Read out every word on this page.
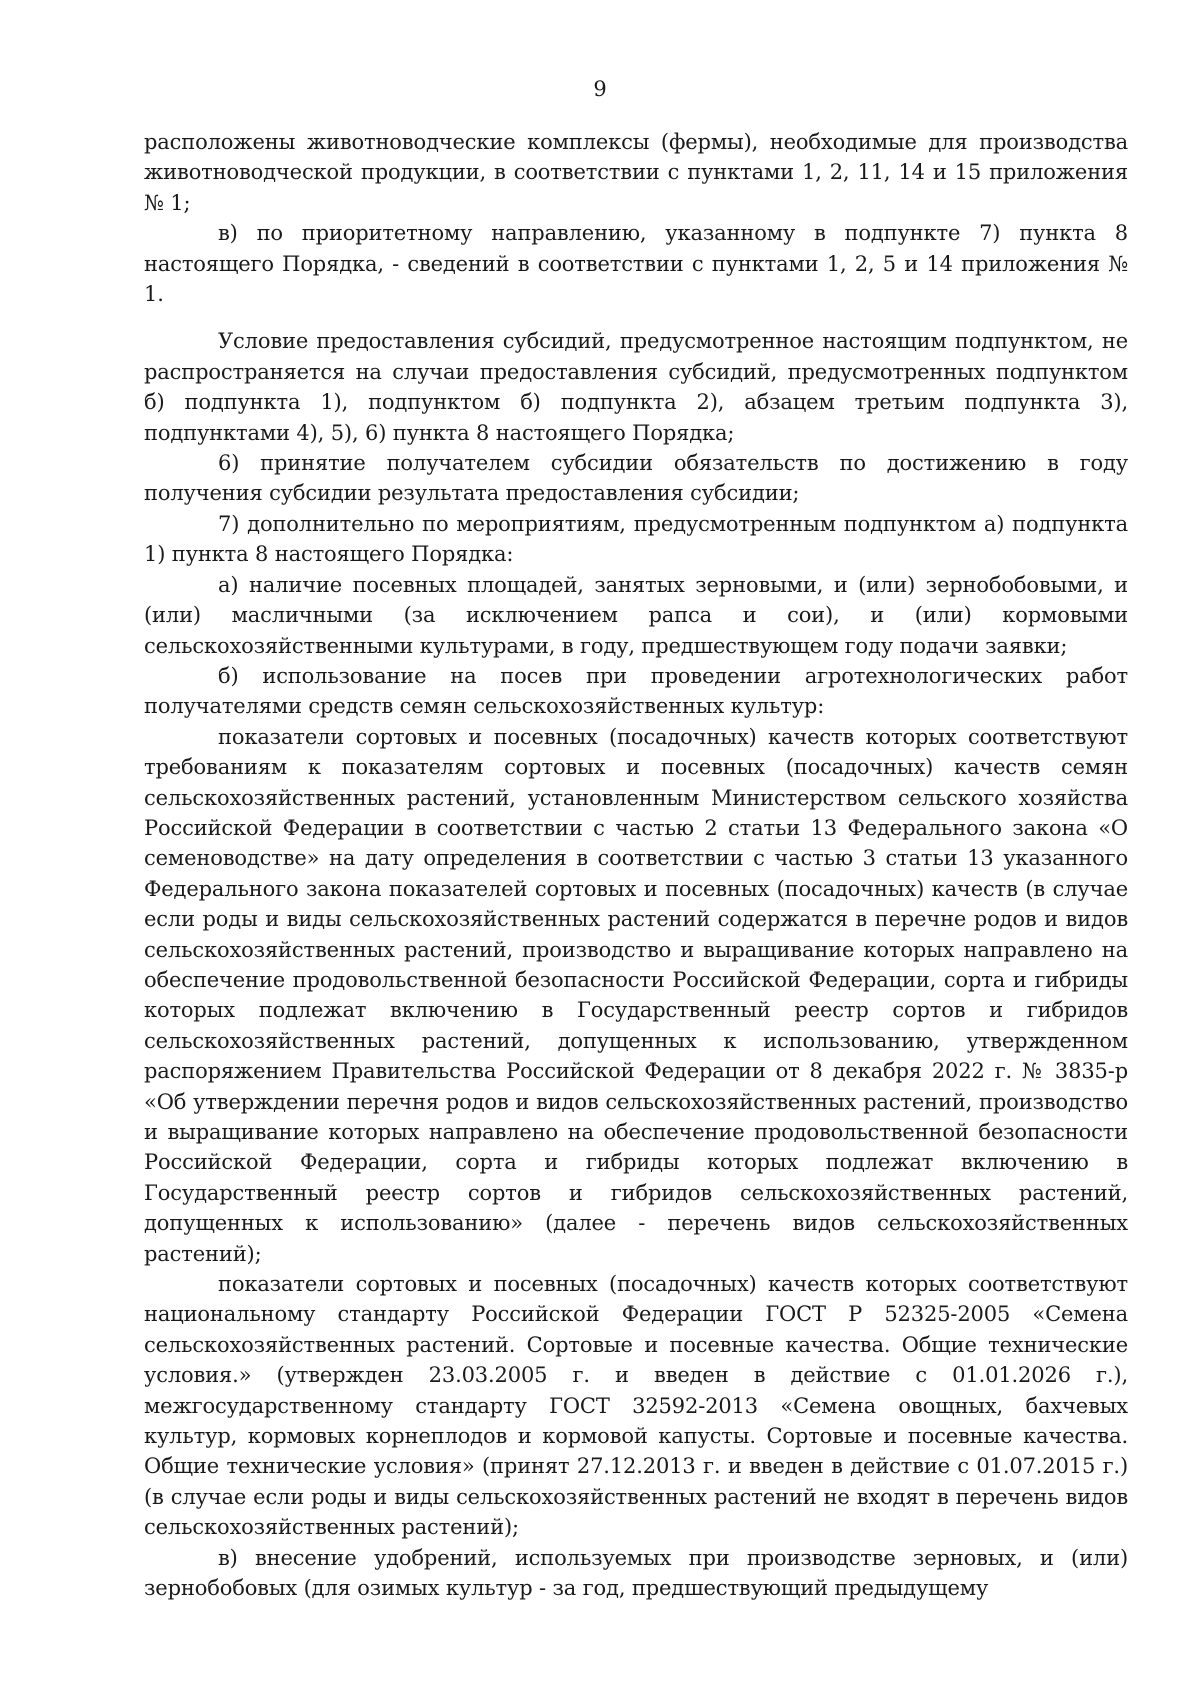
9

расположены животноводческие комплексы (фермы), необходимые для производства животноводческой продукции, в соответствии с пунктами 1, 2, 11, 14 и 15 приложения № 1;

в) по приоритетному направлению, указанному в подпункте 7) пункта 8 настоящего Порядка, - сведений в соответствии с пунктами 1, 2, 5 и 14 приложения № 1.

Условие предоставления субсидий, предусмотренное настоящим подпунктом, не распространяется на случаи предоставления субсидий, предусмотренных подпунктом б) подпункта 1), подпунктом б) подпункта 2), абзацем третьим подпункта 3), подпунктами 4), 5), 6) пункта 8 настоящего Порядка;

6) принятие получателем субсидии обязательств по достижению в году получения субсидии результата предоставления субсидии;

7) дополнительно по мероприятиям, предусмотренным подпунктом а) подпункта 1) пункта 8 настоящего Порядка:

а) наличие посевных площадей, занятых зерновыми, и (или) зернобобовыми, и (или) масличными (за исключением рапса и сои), и (или) кормовыми сельскохозяйственными культурами, в году, предшествующем году подачи заявки;

б) использование на посев при проведении агротехнологических работ получателями средств семян сельскохозяйственных культур:

показатели сортовых и посевных (посадочных) качеств которых соответствуют требованиям к показателям сортовых и посевных (посадочных) качеств семян сельскохозяйственных растений, установленным Министерством сельского хозяйства Российской Федерации в соответствии с частью 2 статьи 13 Федерального закона «О семеноводстве» на дату определения в соответствии с частью 3 статьи 13 указанного Федерального закона показателей сортовых и посевных (посадочных) качеств (в случае если роды и виды сельскохозяйственных растений содержатся в перечне родов и видов сельскохозяйственных растений, производство и выращивание которых направлено на обеспечение продовольственной безопасности Российской Федерации, сорта и гибриды которых подлежат включению в Государственный реестр сортов и гибридов сельскохозяйственных растений, допущенных к использованию, утвержденном распоряжением Правительства Российской Федерации от 8 декабря 2022 г. № 3835-р «Об утверждении перечня родов и видов сельскохозяйственных растений, производство и выращивание которых направлено на обеспечение продовольственной безопасности Российской Федерации, сорта и гибриды которых подлежат включению в Государственный реестр сортов и гибридов сельскохозяйственных растений, допущенных к использованию» (далее - перечень видов сельскохозяйственных растений);

показатели сортовых и посевных (посадочных) качеств которых соответствуют национальному стандарту Российской Федерации ГОСТ Р 52325-2005 «Семена сельскохозяйственных растений. Сортовые и посевные качества. Общие технические условия.» (утвержден 23.03.2005 г. и введен в действие с 01.01.2026 г.), межгосударственному стандарту ГОСТ 32592-2013 «Семена овощных, бахчевых культур, кормовых корнеплодов и кормовой капусты. Сортовые и посевные качества. Общие технические условия» (принят 27.12.2013 г. и введен в действие с 01.07.2015 г.) (в случае если роды и виды сельскохозяйственных растений не входят в перечень видов сельскохозяйственных растений);

в) внесение удобрений, используемых при производстве зерновых, и (или) зернобобовых (для озимых культур - за год, предшествующий предыдущему
